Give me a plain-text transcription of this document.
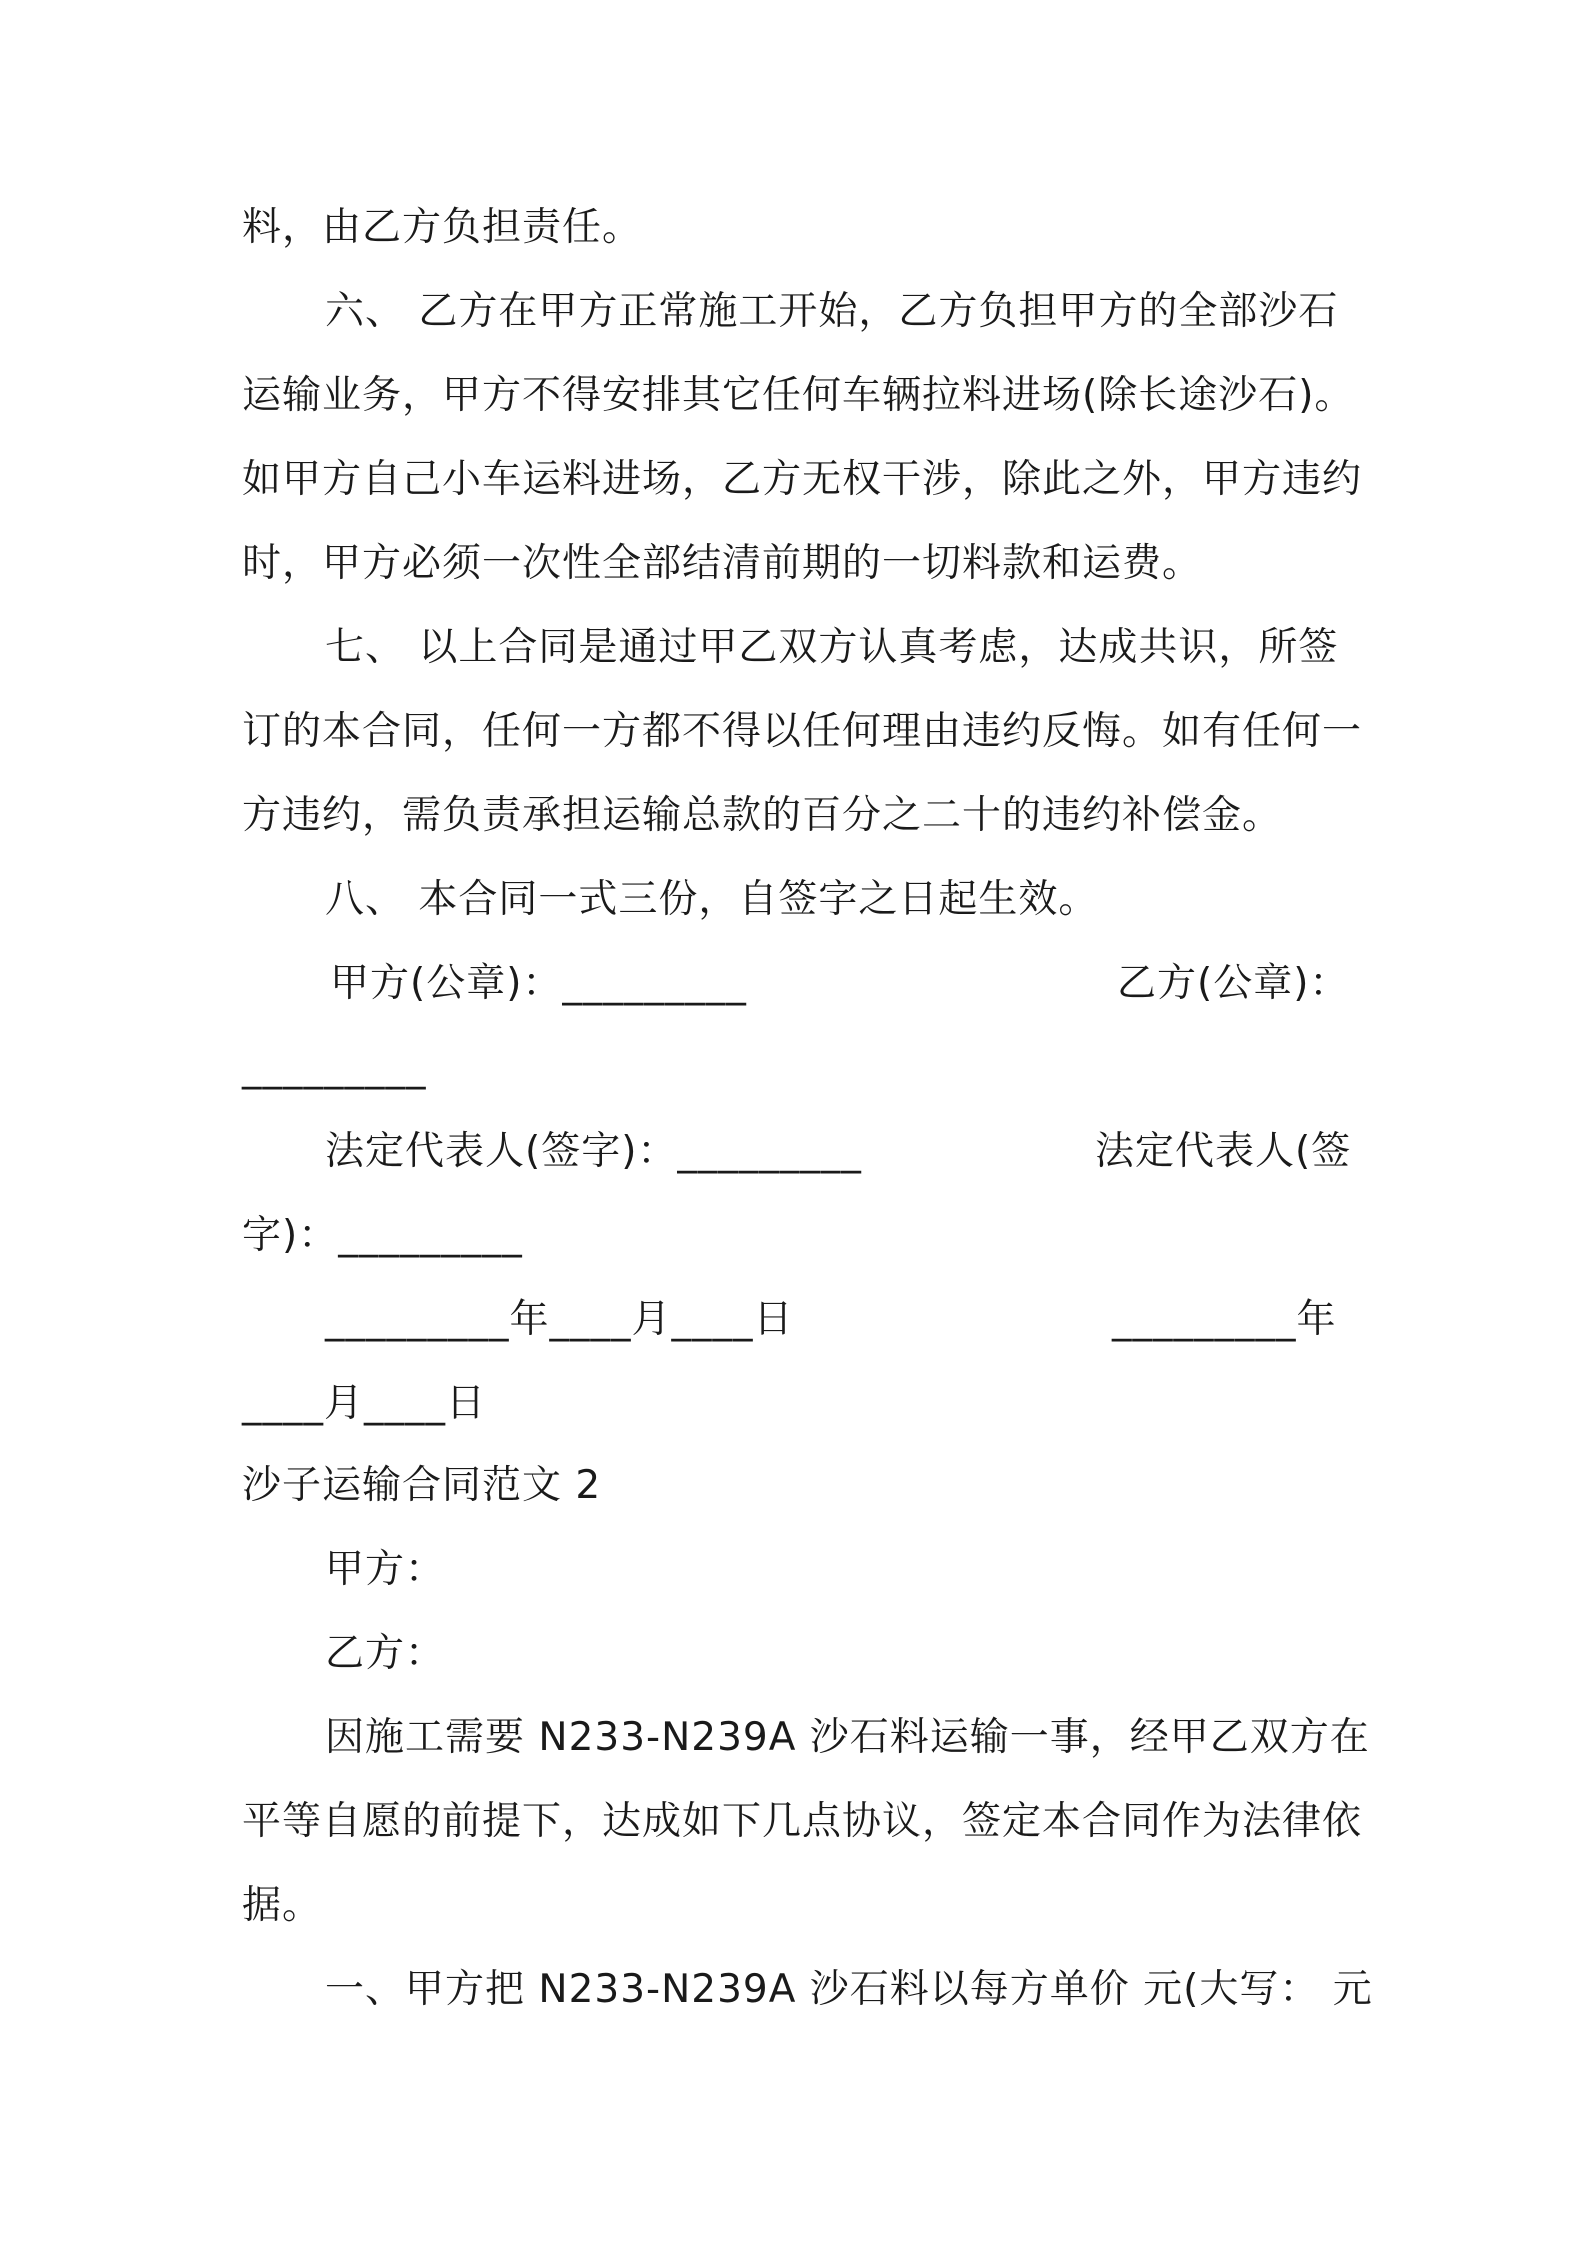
料，由乙方负担责任。
六、 乙方在甲方正常施工开始，乙方负担甲方的全部沙石
运输业务，甲方不得安排其它任何车辆拉料进场(除长途沙石)。
如甲方自己小车运料进场，乙方无权干涉，除此之外，甲方违约
时，甲方必须一次性全部结清前期的一切料款和运费。
七、 以上合同是通过甲乙双方认真考虑，达成共识，所签
订的本合同，任何一方都不得以任何理由违约反悔。如有任何一
方违约，需负责承担运输总款的百分之二十的违约补偿金。
八、 本合同一式三份，自签字之日起生效。
甲方(公章)：_________	乙方(公章)：
_________
法定代表人(签字)：_________	法定代表人(签
字)：_________
_________年____月____日	_________年
____月____日
沙子运输合同范文 2
甲方：
乙方：
因施工需要 N233-N239A 沙石料运输一事，经甲乙双方在
平等自愿的前提下，达成如下几点协议，签定本合同作为法律依
据。
一、甲方把 N233-N239A 沙石料以每方单价 元(大写： 元
